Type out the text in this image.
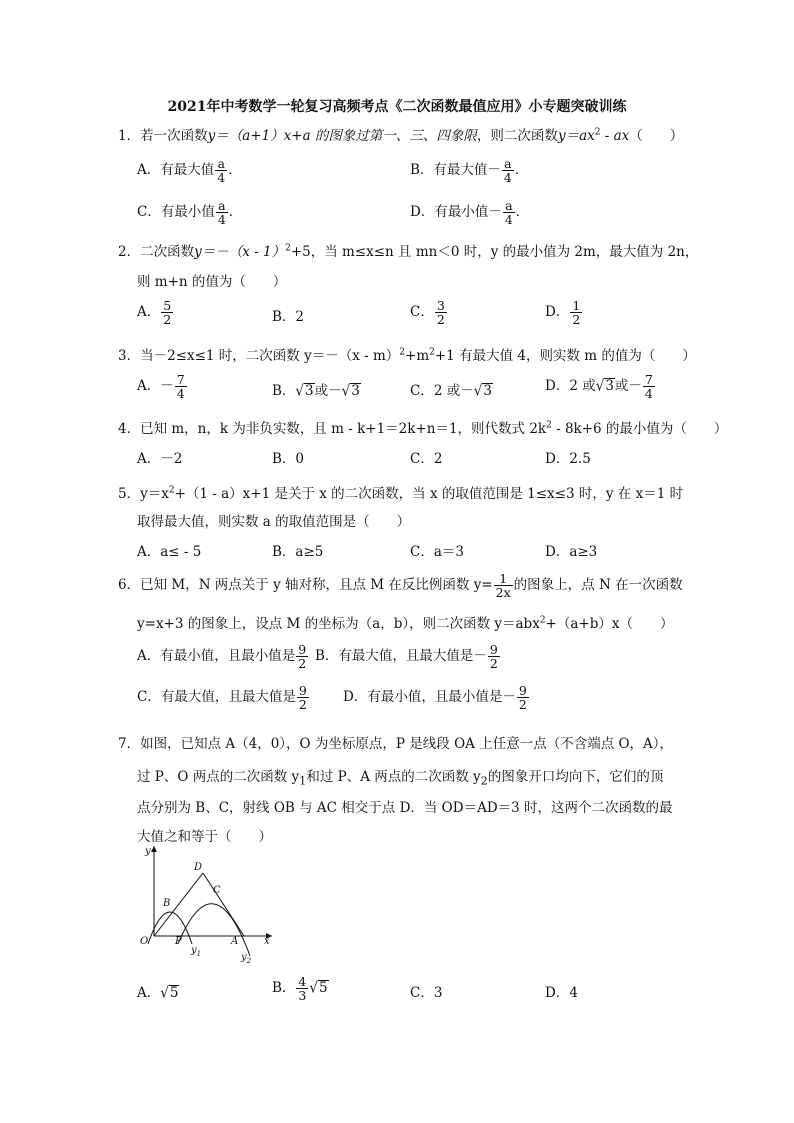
2021年中考数学一轮复习高频考点《二次函数最值应用》小专题突破训练
1．若一次函数y＝（a+1）x+a 的图象过第一、三、四象限，则二次函数$y=ax^2 - ax$（　　）
A．有最大值 $\frac{a}{4}$ ．	B．有最大值－ $\frac{a}{4}$ ．
C．有最小值 $\frac{a}{4}$ ．	D．有最小值－ $\frac{a}{4}$ ．
2．二次函数y＝－（x - 1）$^2$+5，当 m≤x≤n 且 mn＜0 时，y 的最小值为 2m，最大值为 2n，
则 m+n 的值为（　　）
A． $\frac{5}{2}$	B．2	C． $\frac{3}{2}$	D． $\frac{1}{2}$
3．当－2≤x≤1 时，二次函数 $y=-(x - m)^2+m^2+1$ 有最大值 4，则实数 m 的值为（　　）
A．－ $\frac{7}{4}$	B．√3或－√3	C．2 或－√3	D．2 或√3或－ $\frac{7}{4}$
4．已知 m，n，k 为非负实数，且 m - k+1＝2k+n＝1，则代数式 $2k^2 - 8k+6$ 的最小值为（　　）
A．－2	B．0	C．2	D．2.5
5．$y=x^2+(1 - a)x+1$ 是关于 x 的二次函数，当 x 的取值范围是 1≤x≤3 时，y 在 x＝1 时
取得最大值，则实数 a 的取值范围是（　　）
A．a≤ - 5	B．a≥5	C．a＝3	D．a≥3
6．已知 M，N 两点关于 y 轴对称，且点 M 在反比例函数 $y= \frac{1}{2x}$ 的图象上，点 N 在一次函数
y=x+3 的图象上，设点 M 的坐标为（a，b），则二次函数 y＝abx$^2$+（a+b）x（　　）
A．有最小值，且最小值是 $\frac{9}{2}$ B．有最大值，且最大值是－ $\frac{9}{2}$
C．有最大值，且最大值是 $\frac{9}{2}$	D．有最小值，且最小值是－ $\frac{9}{2}$
7．如图，已知点 A（4，0），O 为坐标原点，P 是线段 OA 上任意一点（不含端点 O，A），
过 P、O 两点的二次函数 $y_1$和过 P、A 两点的二次函数 $y_2$的图象开口均向下，它们的顶
点分别为 B、C，射线 OB 与 AC 相交于点 D．当 OD＝AD＝3 时，这两个二次函数的最
大值之和等于（　　）
y
x
O	P	A
B
C
D
$y_1$	$y_2$
A．√5	B． $\frac{4}{3} √5$	C．3	D．4
